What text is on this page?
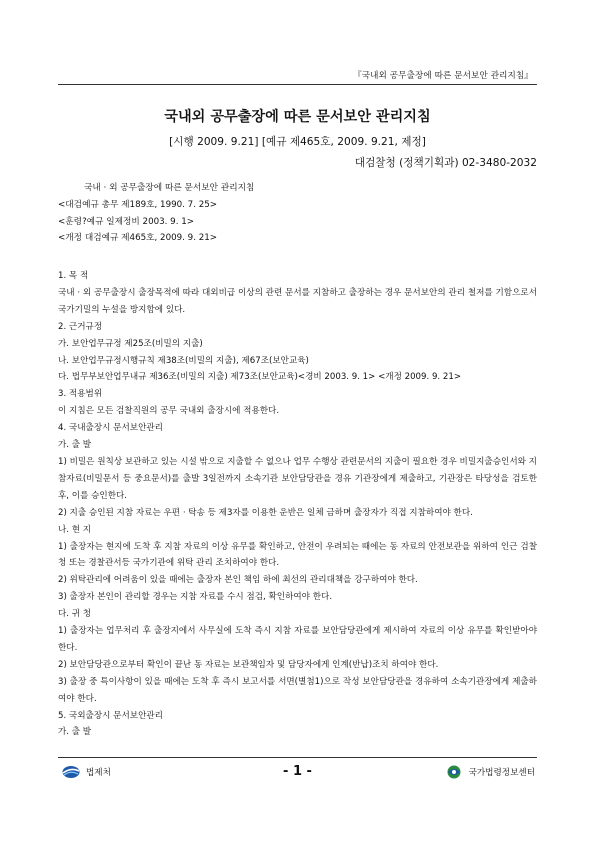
『국내외 공무출장에 따른 문서보안 관리지침』
국내외 공무출장에 따른 문서보안 관리지침
[시행 2009. 9.21] [예규 제465호, 2009. 9.21, 제정]
대검찰청 (정책기획과) 02-3480-2032
국내 · 외 공무출장에 따른 문서보안 관리지침
<대검예규 총무 제189호, 1990. 7. 25>
<훈령?예규 일제정비 2003. 9. 1>
<개정 대검예규 제465호, 2009. 9. 21>

1. 목 적

국내 · 외 공무출장시 출장목적에 따라 대외비급 이상의 관련 문서를 지참하고 출장하는 경우 문서보안의 관리 철저를 기함으로서 국가기밀의 누설을 방지함에 있다.

2. 근거규정

가. 보안업무규정 제25조(비밀의 지출)

나. 보안업무규정시행규칙 제38조(비밀의 지출), 제67조(보안교육)

다. 법무부보안업무내규 제36조(비밀의 지출) 제73조(보안교육)<경비 2003. 9. 1> <개정 2009. 9. 21>

3. 적용범위

이 지침은 모든 검찰직원의 공무 국내외 출장시에 적용한다.

4. 국내출장시 문서보안관리

가. 출 발

1) 비밀은 원칙상 보관하고 있는 시설 밖으로 지출할 수 없으나 업무 수행상 관련문서의 지출이 필요한 경우 비밀지출승인서와 지참자료(비밀문서 등 중요문서)를 출발 3일전까지 소속기관 보안담당관을 경유 기관장에게 제출하고, 기관장은 타당성을 검토한 후, 이를 승인한다.

2) 지출 승인된 지참 자료는 우편 · 탁송 등 제3자를 이용한 운반은 일체 금하며 출장자가 직접 지참하여야 한다.

나. 현 지

1) 출장자는 현지에 도착 후 지참 자료의 이상 유무를 확인하고, 안전이 우려되는 때에는 동 자료의 안전보관을 위하여 인근 검찰청 또는 경찰관서등 국가기관에 위탁 관리 조치하여야 한다.

2) 위탁관리에 어려움이 있을 때에는 출장자 본인 책임 하에 최선의 관리대책을 강구하여야 한다.

3) 출장자 본인이 관리할 경우는 지참 자료를 수시 점검, 확인하여야 한다.

다. 귀 청

1) 출장자는 업무처리 후 출장지에서 사무실에 도착 즉시 지참 자료를 보안담당관에게 제시하여 자료의 이상 유무를 확인받아야 한다.

2) 보안담당관으로부터 확인이 끝난 동 자료는 보관책임자 및 담당자에게 인계(반납)조치 하여야 한다.

3) 출장 중 특이사항이 있을 때에는 도착 후 즉시 보고서를 서면(별첨1)으로 작성 보안담당관을 경유하여 소속기관장에게 제출하여야 한다.

5. 국외출장시 문서보안관리

가. 출 발

법제처	- 1 -	국가법령정보센터
